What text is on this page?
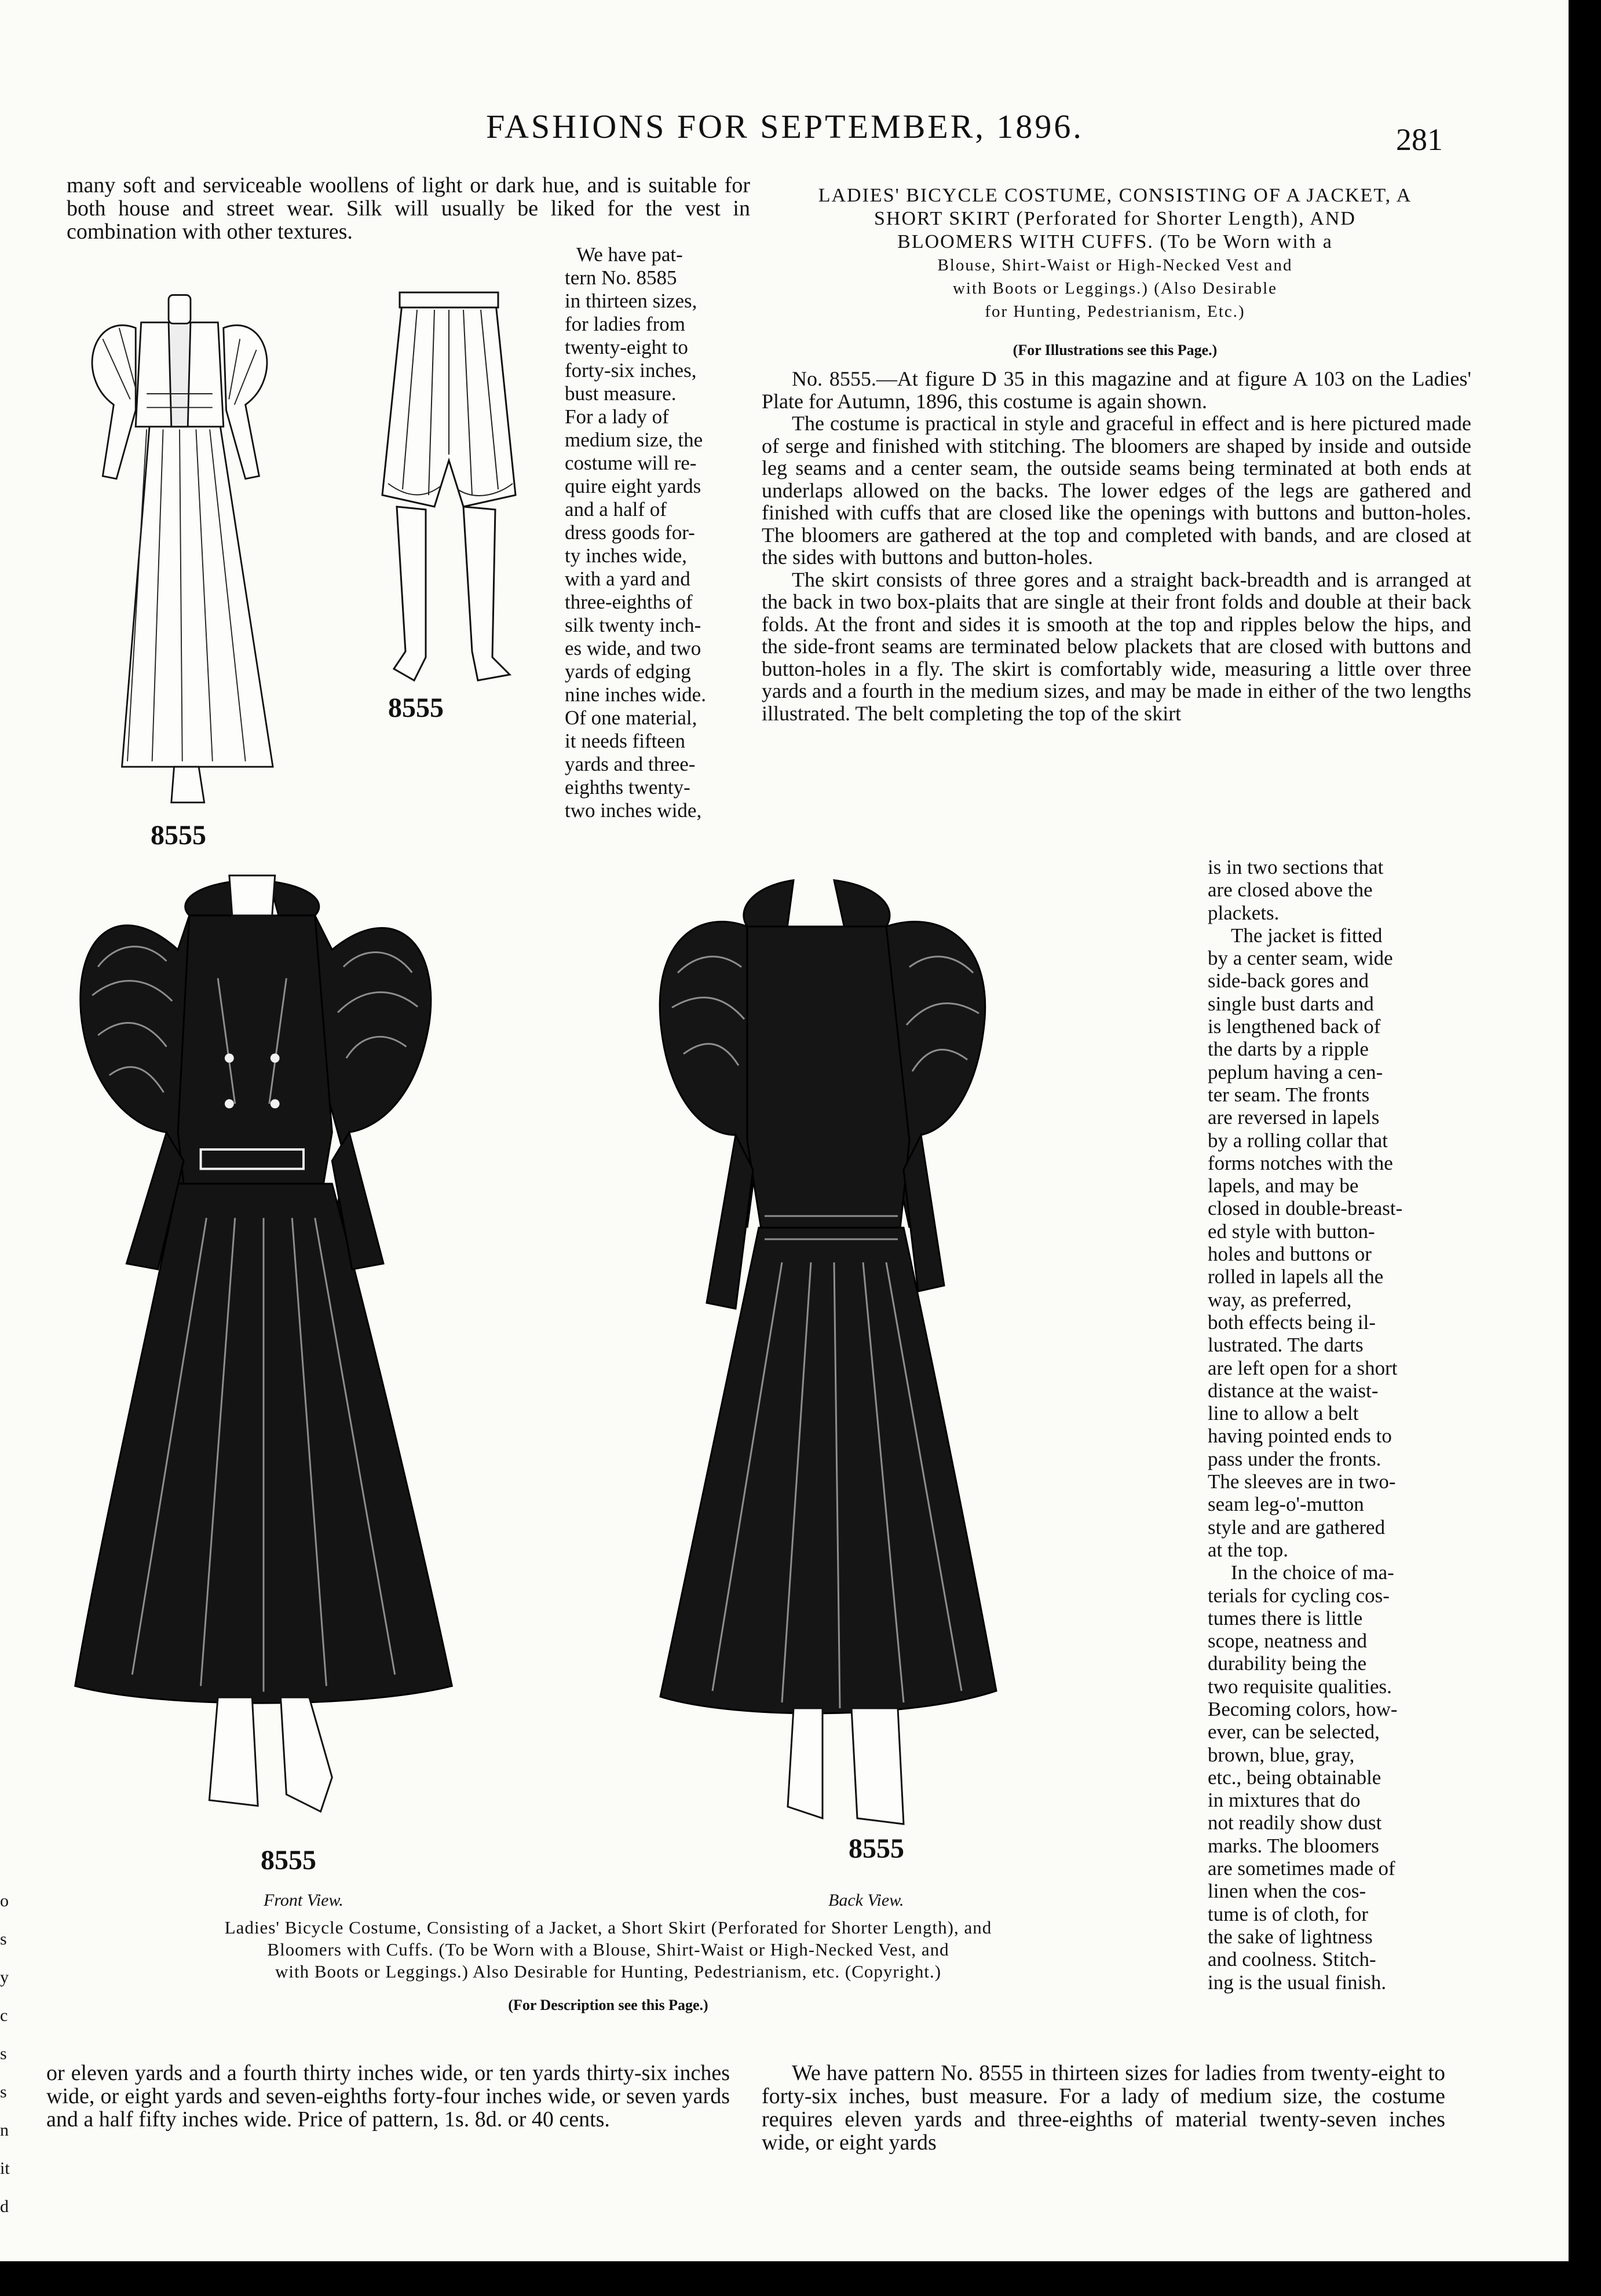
o
s
y
c
s
s
n
it
d
FASHIONS FOR SEPTEMBER, 1896.	281
many soft and serviceable woollens of light or dark hue, and is suitable for both house and street wear. Silk will usually be liked for the vest in combination with other textures.
8555
8555
We have pat-
tern No. 8585
in thirteen sizes,
for ladies from
twenty-eight to
forty-six inches,
bust measure.
For a lady of
medium size, the
costume will re-
quire eight yards
and a half of
dress goods for-
ty inches wide,
with a yard and
three-eighths of
silk twenty inch-
es wide, and two
yards of edging
nine inches wide.
Of one material,
it needs fifteen
yards and three-
eighths twenty-
two inches wide,
LADIES' BICYCLE COSTUME, CONSISTING OF A JACKET, A
SHORT SKIRT (Perforated for Shorter Length), AND
BLOOMERS WITH CUFFS. (To be Worn with a
Blouse, Shirt-Waist or High-Necked Vest and
with Boots or Leggings.) (Also Desirable
for Hunting, Pedestrianism, Etc.)
(For Illustrations see this Page.)

No. 8555.—At figure D 35 in this magazine and at figure A 103 on the Ladies' Plate for Autumn, 1896, this costume is again shown.

The costume is practical in style and graceful in effect and is here pictured made of serge and finished with stitching. The bloomers are shaped by inside and outside leg seams and a center seam, the outside seams being terminated at both ends at underlaps allowed on the backs. The lower edges of the legs are gathered and finished with cuffs that are closed like the openings with buttons and button-holes. The bloomers are gathered at the top and completed with bands, and are closed at the sides with buttons and button-holes.

The skirt consists of three gores and a straight back-breadth and is arranged at the back in two box-plaits that are single at their front folds and double at their back folds. At the front and sides it is smooth at the top and ripples below the hips, and the side-front seams are terminated below plackets that are closed with buttons and button-holes in a fly. The skirt is comfortably wide, measuring a little over three yards and a fourth in the medium sizes, and may be made in either of the two lengths illustrated. The belt completing the top of the skirt

is in two sections that
are closed above the
plackets.
The jacket is fitted
by a center seam, wide
side-back gores and
single bust darts and
is lengthened back of
the darts by a ripple
peplum having a cen-
ter seam. The fronts
are reversed in lapels
by a rolling collar that
forms notches with the
lapels, and may be
closed in double-breast-
ed style with button-
holes and buttons or
rolled in lapels all the
way, as preferred,
both effects being il-
lustrated. The darts
are left open for a short
distance at the waist-
line to allow a belt
having pointed ends to
pass under the fronts.
The sleeves are in two-
seam leg-o'-mutton
style and are gathered
at the top.
In the choice of ma-
terials for cycling cos-
tumes there is little
scope, neatness and
durability being the
two requisite qualities.
Becoming colors, how-
ever, can be selected,
brown, blue, gray,
etc., being obtainable
in mixtures that do
not readily show dust
marks. The bloomers
are sometimes made of
linen when the cos-
tume is of cloth, for
the sake of lightness
and coolness. Stitch-
ing is the usual finish.
8555
Front View.
8555
Back View.
Ladies' Bicycle Costume, Consisting of a Jacket, a Short Skirt (Perforated for Shorter Length), and
Bloomers with Cuffs. (To be Worn with a Blouse, Shirt-Waist or High-Necked Vest, and
with Boots or Leggings.) Also Desirable for Hunting, Pedestrianism, etc. (Copyright.)
(For Description see this Page.)
or eleven yards and a fourth thirty inches wide, or ten yards thirty-six inches wide, or eight yards and seven-eighths forty-four inches wide, or seven yards and a half fifty inches wide. Price of pattern, 1s. 8d. or 40 cents.
We have pattern No. 8555 in thirteen sizes for ladies from twenty-eight to forty-six inches, bust measure. For a lady of medium size, the costume requires eleven yards and three-eighths of material twenty-seven inches wide, or eight yards
